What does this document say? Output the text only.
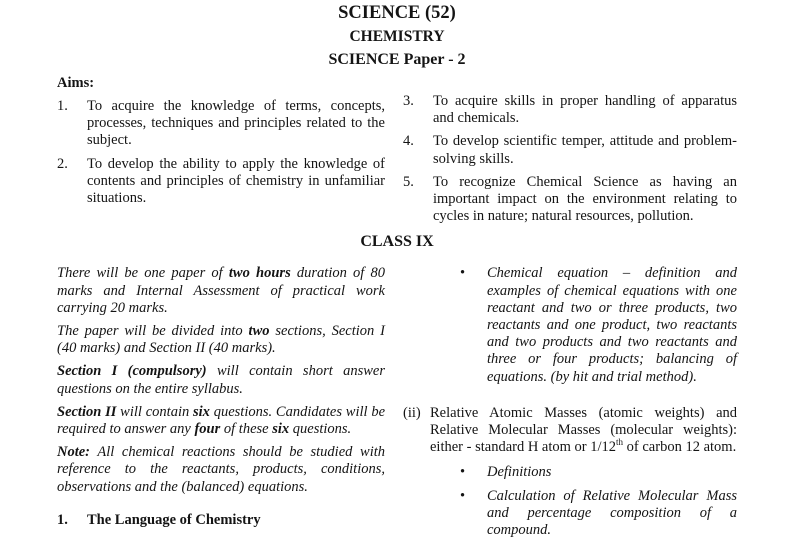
SCIENCE (52)
CHEMISTRY
SCIENCE Paper - 2
Aims:
1.	To acquire the knowledge of terms, concepts, processes, techniques and principles related to the subject.
2.	To develop the ability to apply the knowledge of contents and principles of chemistry in unfamiliar situations.
3.	To acquire skills in proper handling of apparatus and chemicals.
4.	To develop scientific temper, attitude and problem-solving skills.
5.	To recognize Chemical Science as having an important impact on the environment relating to cycles in nature; natural resources, pollution.
CLASS IX

There will be one paper of two hours duration of 80 marks and Internal Assessment of practical work carrying 20 marks.

The paper will be divided into two sections, Section I (40 marks) and Section II (40 marks).

Section I (compulsory) will contain short answer questions on the entire syllabus.

Section II will contain six questions. Candidates will be required to answer any four of these six questions.

Note: All chemical reactions should be studied with reference to the reactants, products, conditions, observations and the (balanced) equations.

1.	The Language of Chemistry
•	Chemical equation – definition and examples of chemical equations with one reactant and two or three products, two reactants and one product, two reactants and two products and two reactants and three or four products; balancing of equations. (by hit and trial method).
(ii) Relative Atomic Masses (atomic weights) and Relative Molecular Masses (molecular weights): either - standard H atom or 1/12th of carbon 12 atom.
•	Definitions
•	Calculation of Relative Molecular Mass and percentage composition of a compound.
